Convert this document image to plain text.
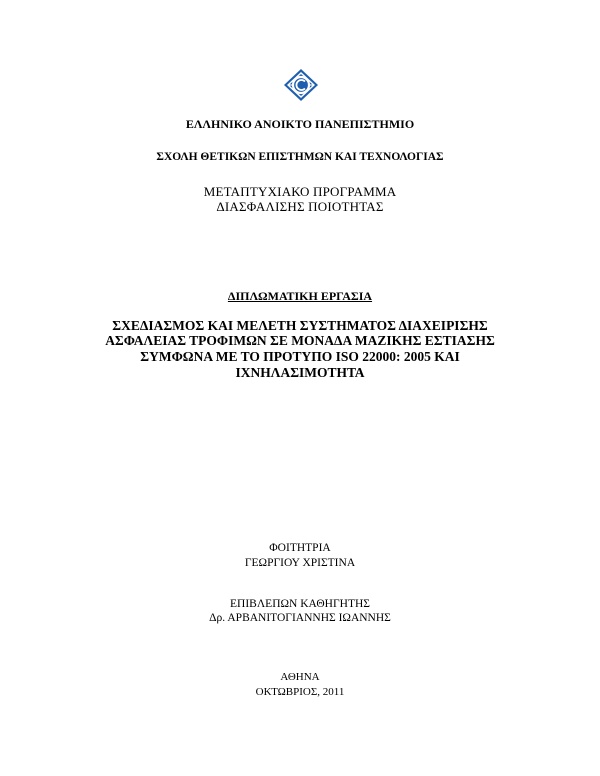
ΕΛΛΗΝΙΚΟ ΑΝΟΙΚΤΟ ΠΑΝΕΠΙΣΤΗΜΙΟ
ΣΧΟΛΗ ΘΕΤΙΚΩΝ ΕΠΙΣΤΗΜΩΝ ΚΑΙ ΤΕΧΝΟΛΟΓΙΑΣ
ΜΕΤΑΠΤΥΧΙΑΚΟ ΠΡΟΓΡΑΜΜΑ
ΔΙΑΣΦΑΛΙΣΗΣ ΠΟΙΟΤΗΤΑΣ
ΔΙΠΛΩΜΑΤΙΚΗ ΕΡΓΑΣΙΑ
ΣΧΕΔΙΑΣΜΟΣ ΚΑΙ ΜΕΛΕΤΗ ΣΥΣΤΗΜΑΤΟΣ ΔΙΑΧΕΙΡΙΣΗΣ
ΑΣΦΑΛΕΙΑΣ ΤΡΟΦΙΜΩΝ ΣΕ ΜΟΝΑΔΑ ΜΑΖΙΚΗΣ ΕΣΤΙΑΣΗΣ
ΣΥΜΦΩΝΑ ΜΕ ΤΟ ΠΡΟΤΥΠΟ ISO 22000: 2005 ΚΑΙ
ΙΧΝΗΛΑΣΙΜΟΤΗΤΑ
ΦΟΙΤΗΤΡΙΑ
ΓΕΩΡΓΙΟΥ ΧΡΙΣΤΙΝΑ
ΕΠΙΒΛΕΠΩΝ ΚΑΘΗΓΗΤΗΣ
Δρ. ΑΡΒΑΝΙΤΟΓΙΑΝΝΗΣ ΙΩΑΝΝΗΣ
ΑΘΗΝΑ
ΟΚΤΩΒΡΙΟΣ, 2011
